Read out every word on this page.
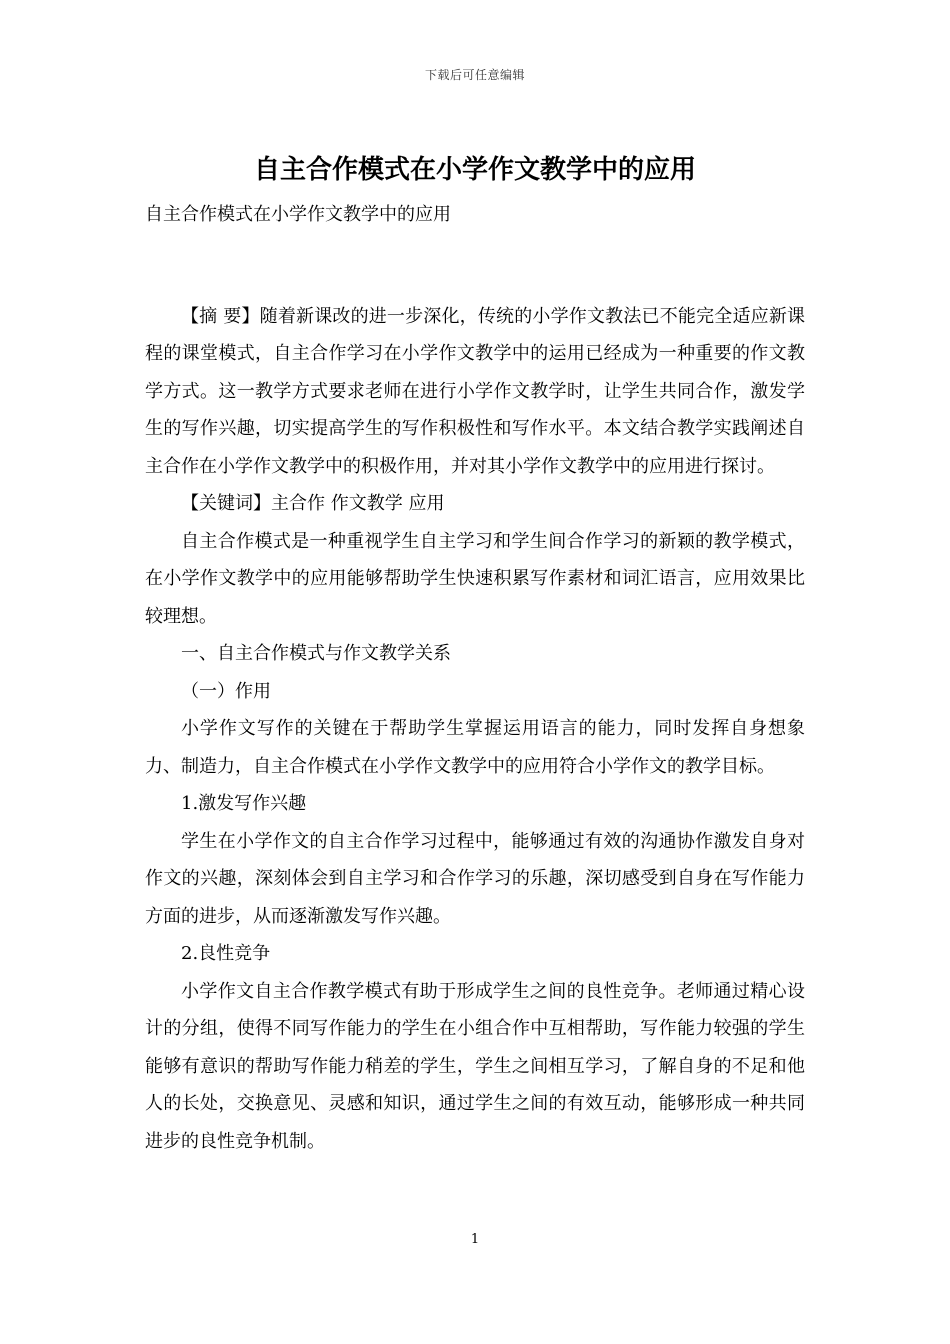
下载后可任意编辑
自主合作模式在小学作文教学中的应用

自主合作模式在小学作文教学中的应用

【摘 要】随着新课改的进一步深化，传统的小学作文教法已不能完全适应新课程的课堂模式，自主合作学习在小学作文教学中的运用已经成为一种重要的作文教学方式。这一教学方式要求老师在进行小学作文教学时，让学生共同合作，激发学生的写作兴趣，切实提高学生的写作积极性和写作水平。本文结合教学实践阐述自主合作在小学作文教学中的积极作用，并对其小学作文教学中的应用进行探讨。

【关键词】主合作 作文教学 应用

自主合作模式是一种重视学生自主学习和学生间合作学习的新颖的教学模式，在小学作文教学中的应用能够帮助学生快速积累写作素材和词汇语言，应用效果比较理想。

一、自主合作模式与作文教学关系

（一）作用

小学作文写作的关键在于帮助学生掌握运用语言的能力，同时发挥自身想象力、制造力，自主合作模式在小学作文教学中的应用符合小学作文的教学目标。

1.激发写作兴趣

学生在小学作文的自主合作学习过程中，能够通过有效的沟通协作激发自身对作文的兴趣，深刻体会到自主学习和合作学习的乐趣，深切感受到自身在写作能力方面的进步，从而逐渐激发写作兴趣。

2.良性竞争

小学作文自主合作教学模式有助于形成学生之间的良性竞争。老师通过精心设计的分组，使得不同写作能力的学生在小组合作中互相帮助，写作能力较强的学生能够有意识的帮助写作能力稍差的学生，学生之间相互学习，了解自身的不足和他人的长处，交换意见、灵感和知识，通过学生之间的有效互动，能够形成一种共同进步的良性竞争机制。

1
